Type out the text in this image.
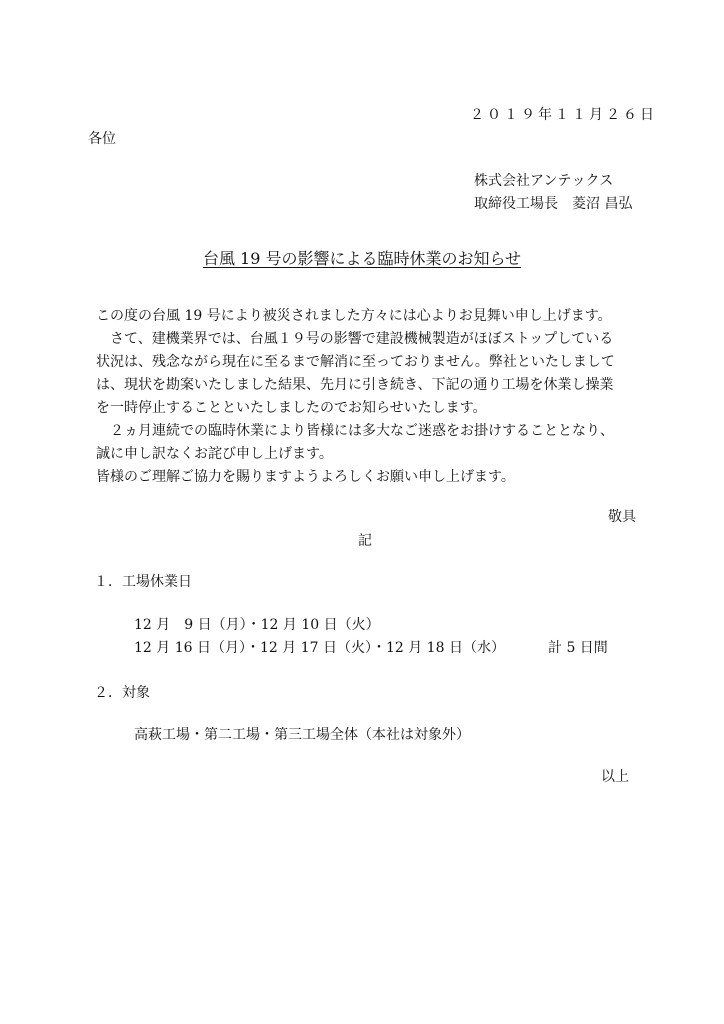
２０１９年１１月２６日
各位
株式会社アンテックス
取締役工場長　菱沼 昌弘
台風 19 号の影響による臨時休業のお知らせ

この度の台風 19 号により被災されました方々には心よりお見舞い申し上げます。

　さて、建機業界では、台風１９号の影響で建設機械製造がほぼストップしている

状況は、残念ながら現在に至るまで解消に至っておりません。弊社といたしまして

は、現状を勘案いたしました結果、先月に引き続き、下記の通り工場を休業し操業

を一時停止することといたしましたのでお知らせいたします。

　２ヵ月連続での臨時休業により皆様には多大なご迷惑をお掛けすることとなり、

誠に申し訳なくお詫び申し上げます。

皆様のご理解ご協力を賜りますようよろしくお願い申し上げます。

敬具
記
１．工場休業日
12 月　9 日（月）・12 月 10 日（火）
12 月 16 日（月）・12 月 17 日（火）・12 月 18 日（水）	計 5 日間
２．対象
高萩工場・第二工場・第三工場全体（本社は対象外）
以上
